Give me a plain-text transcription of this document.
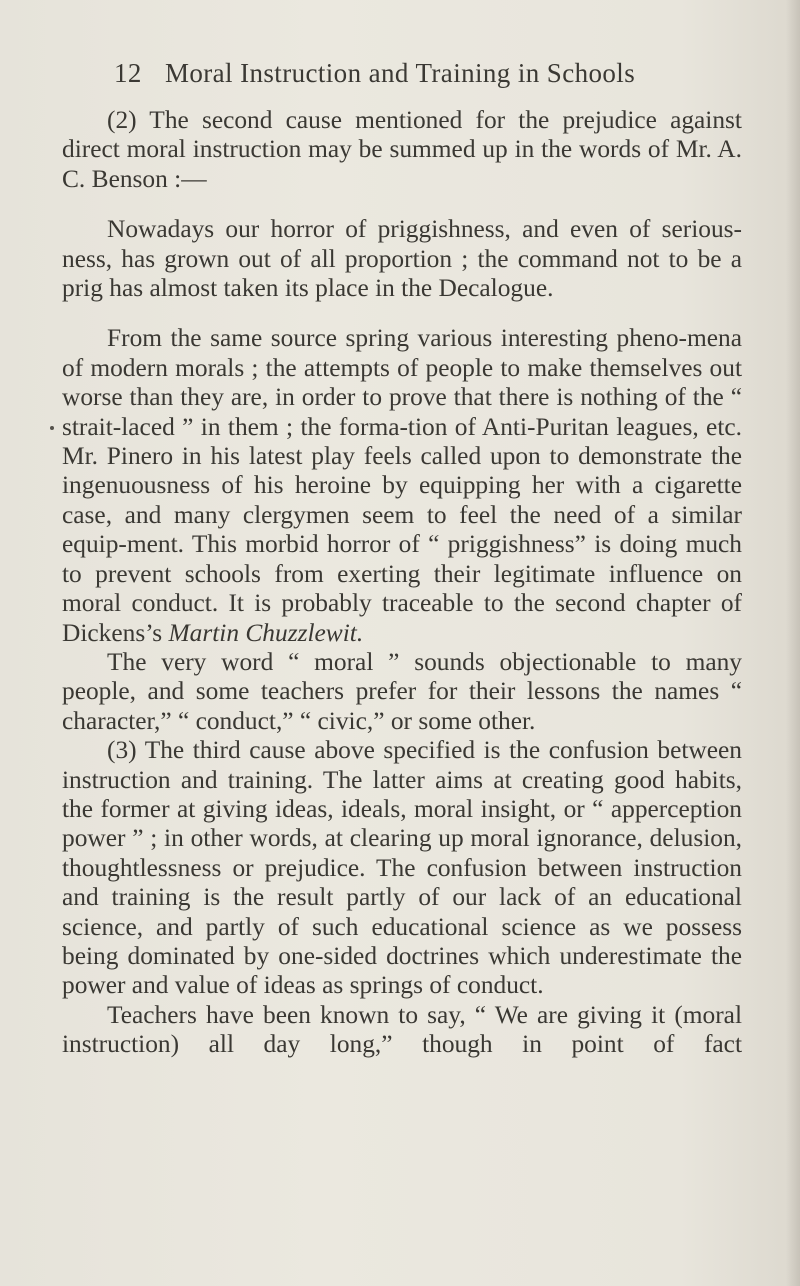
12 Moral Instruction and Training in Schools

(2) The second cause mentioned for the prejudice against direct moral instruction may be summed up in the words of Mr. A. C. Benson :—

Nowadays our horror of priggishness, and even of serious-ness, has grown out of all proportion ; the command not to be a prig has almost taken its place in the Decalogue.

From the same source spring various interesting pheno-mena of modern morals ; the attempts of people to make themselves out worse than they are, in order to prove that there is nothing of the “ strait-laced ” in them ; the forma-tion of Anti-Puritan leagues, etc. Mr. Pinero in his latest play feels called upon to demonstrate the ingenuousness of his heroine by equipping her with a cigarette case, and many clergymen seem to feel the need of a similar equip-ment. This morbid horror of “ priggishness” is doing much to prevent schools from exerting their legitimate influence on moral conduct. It is probably traceable to the second chapter of Dickens’s Martin Chuzzlewit.

The very word “ moral ” sounds objectionable to many people, and some teachers prefer for their lessons the names “ character,” “ conduct,” “ civic,” or some other.

(3) The third cause above specified is the confusion between instruction and training. The latter aims at creating good habits, the former at giving ideas, ideals, moral insight, or “ apperception power ” ; in other words, at clearing up moral ignorance, delusion, thoughtlessness or prejudice. The confusion between instruction and training is the result partly of our lack of an educational science, and partly of such educational science as we possess being dominated by one-sided doctrines which underestimate the power and value of ideas as springs of conduct.

Teachers have been known to say, “ We are giving it (moral instruction) all day long,” though in point of fact
